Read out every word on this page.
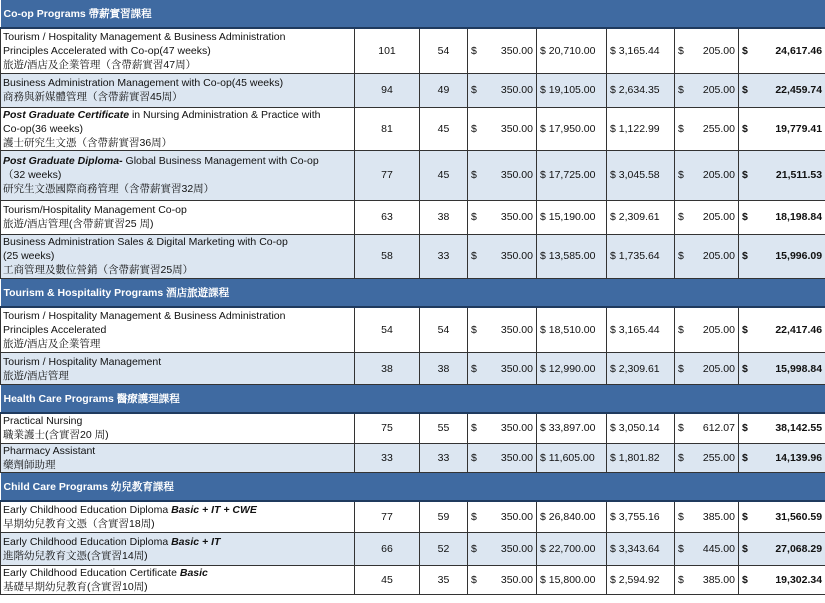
Co-op Programs 帶薪實習課程							

Tourism / Hospitality Management & Business Administration
Principles Accelerated with Co-op(47 weeks)
旅遊/酒店及企業管理（含帶薪實習47周）	101	54	$ 350.00	$ 20,710.00	$ 3,165.44	$ 205.00	$ 24,617.46

Business Administration Management with Co-op(45 weeks)
商務與新媒體管理（含帶薪實習45周）	94	49	$ 350.00	$ 19,105.00	$ 2,634.35	$ 205.00	$ 22,459.74

Post Graduate Certificate in Nursing Administration & Practice with
Co-op(36 weeks)
護士研究生文憑（含帶薪實習36周）	81	45	$ 350.00	$ 17,950.00	$ 1,122.99	$ 255.00	$ 19,779.41

Post Graduate Diploma- Global Business Management with Co-op
（32 weeks)
研究生文憑國際商務管理（含帶薪實習32周）	77	45	$ 350.00	$ 17,725.00	$ 3,045.58	$ 205.00	$ 21,511.53

Tourism/Hospitality Management Co-op
旅遊/酒店管理(含帶薪實習25 周)	63	38	$ 350.00	$ 15,190.00	$ 2,309.61	$ 205.00	$ 18,198.84

Business Administration Sales & Digital Marketing with Co-op
(25 weeks)
工商管理及數位營銷（含帶薪實習25周）	58	33	$ 350.00	$ 13,585.00	$ 1,735.64	$ 205.00	$ 15,996.09

Tourism & Hospitality Programs 酒店旅遊課程							

Tourism / Hospitality Management & Business Administration
Principles Accelerated
旅遊/酒店及企業管理	54	54	$ 350.00	$ 18,510.00	$ 3,165.44	$ 205.00	$ 22,417.46

Tourism / Hospitality Management
旅遊/酒店管理	38	38	$ 350.00	$ 12,990.00	$ 2,309.61	$ 205.00	$ 15,998.84

Health Care Programs 醫療護理課程							

Practical Nursing
職業護士(含實習20 周)	75	55	$ 350.00	$ 33,897.00	$ 3,050.14	$ 612.07	$ 38,142.55

Pharmacy Assistant
藥劑師助理	33	33	$ 350.00	$ 11,605.00	$ 1,801.82	$ 255.00	$ 14,139.96

Child Care Programs 幼兒教育課程							

Early Childhood Education Diploma Basic + IT + CWE
早期幼兒教育文憑（含實習18周)	77	59	$ 350.00	$ 26,840.00	$ 3,755.16	$ 385.00	$ 31,560.59

Early Childhood Education Diploma Basic + IT
進階幼兒教育文憑(含實習14周)	66	52	$ 350.00	$ 22,700.00	$ 3,343.64	$ 445.00	$ 27,068.29

Early Childhood Education Certificate Basic
基礎早期幼兒教育(含實習10周)	45	35	$ 350.00	$ 15,800.00	$ 2,594.92	$ 385.00	$ 19,302.34
